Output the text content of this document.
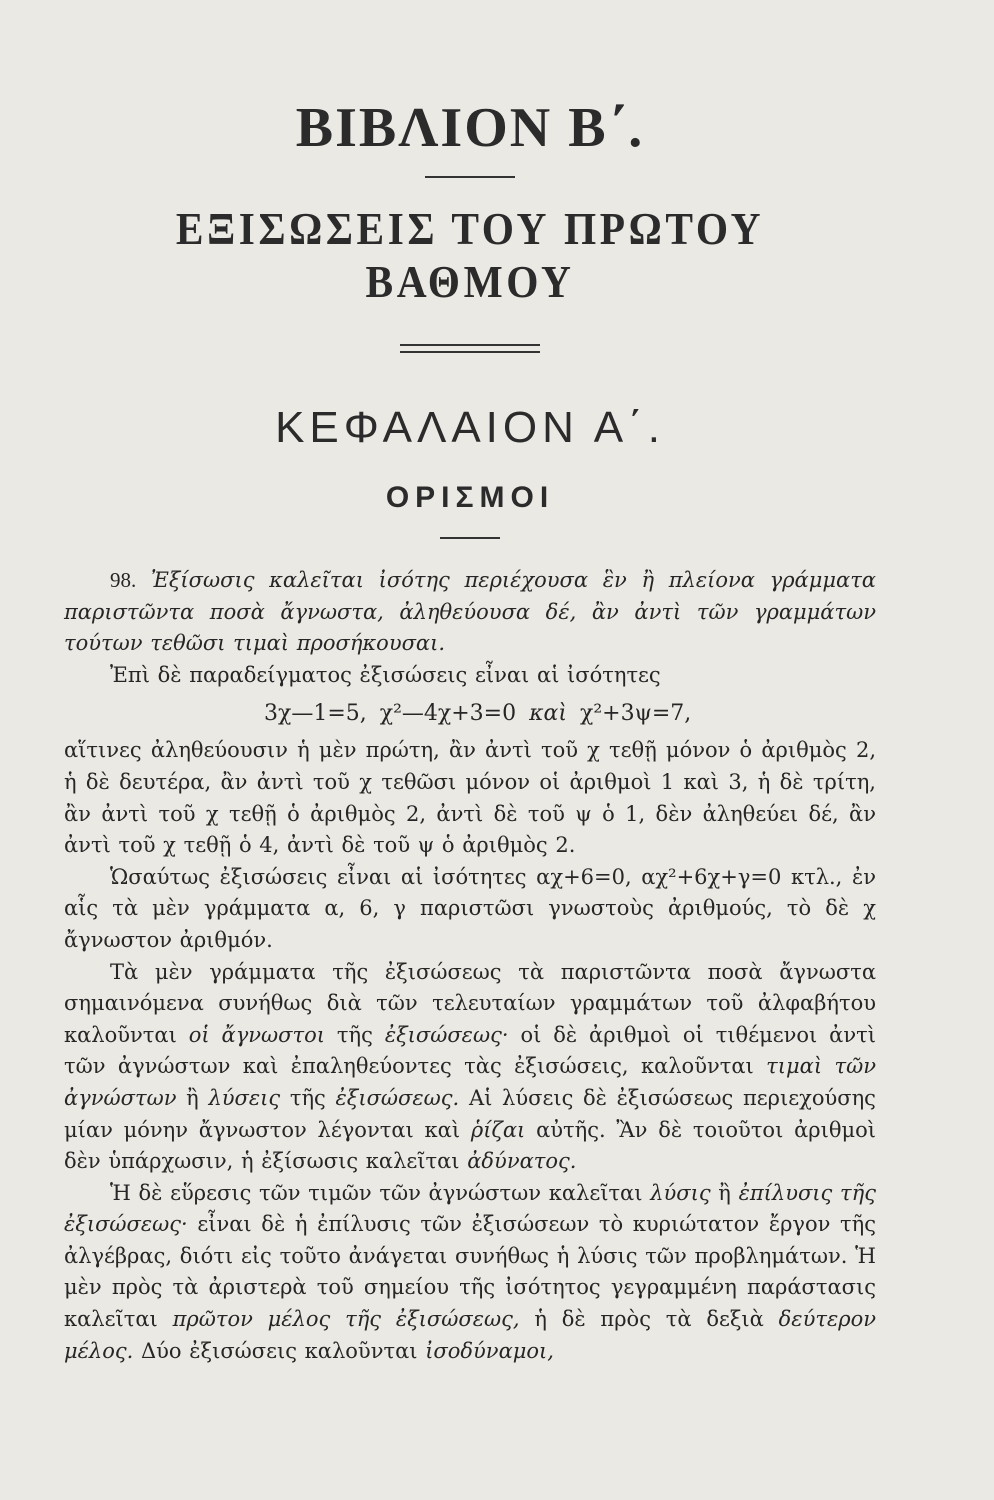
ΒΙΒΛΙΟΝ Β΄.
ΕΞΙΣΩΣΕΙΣ ΤΟΥ ΠΡΩΤΟΥ ΒΑΘΜΟΥ
ΚΕΦΑΛΑΙΟΝ Α΄.
ΟΡΙΣΜΟΙ

98. Ἐξίσωσις καλεῖται ἰσότης περιέχουσα ἓν ἢ πλείονα γράμματα παριστῶντα ποσὰ ἄγνωστα, ἀληθεύουσα δέ, ἂν ἀντὶ τῶν γραμμάτων τούτων τεθῶσι τιμαὶ προσήκουσαι.

Ἐπὶ δὲ παραδείγματος ἐξισώσεις εἶναι αἱ ἰσότητες

3χ—1=5, χ²—4χ+3=0 καὶ χ²+3ψ=7,

αἵτινες ἀληθεύουσιν ἡ μὲν πρώτη, ἂν ἀντὶ τοῦ χ τεθῇ μόνον ὁ ἀριθμὸς 2, ἡ δὲ δευτέρα, ἂν ἀντὶ τοῦ χ τεθῶσι μόνον οἱ ἀριθμοὶ 1 καὶ 3, ἡ δὲ τρίτη, ἂν ἀντὶ τοῦ χ τεθῇ ὁ ἀριθμὸς 2, ἀντὶ δὲ τοῦ ψ ὁ 1, δὲν ἀληθεύει δέ, ἂν ἀντὶ τοῦ χ τεθῇ ὁ 4, ἀντὶ δὲ τοῦ ψ ὁ ἀριθμὸς 2.

Ὡσαύτως ἐξισώσεις εἶναι αἱ ἰσότητες αχ+6=0, αχ²+6χ+γ=0 κτλ., ἐν αἷς τὰ μὲν γράμματα α, 6, γ παριστῶσι γνωστοὺς ἀριθμούς, τὸ δὲ χ ἄγνωστον ἀριθμόν.

Τὰ μὲν γράμματα τῆς ἐξισώσεως τὰ παριστῶντα ποσὰ ἄγνωστα σημαινόμενα συνήθως διὰ τῶν τελευταίων γραμμάτων τοῦ ἀλφαβήτου καλοῦνται οἱ ἄγνωστοι τῆς ἐξισώσεως· οἱ δὲ ἀριθμοὶ οἱ τιθέμενοι ἀντὶ τῶν ἀγνώστων καὶ ἐπαληθεύοντες τὰς ἐξισώσεις, καλοῦνται τιμαὶ τῶν ἀγνώστων ἢ λύσεις τῆς ἐξισώσεως. Αἱ λύσεις δὲ ἐξισώσεως περιεχούσης μίαν μόνην ἄγνωστον λέγονται καὶ ῥίζαι αὐτῆς. Ἂν δὲ τοιοῦτοι ἀριθμοὶ δὲν ὑπάρχωσιν, ἡ ἐξίσωσις καλεῖται ἀδύνατος.

Ἡ δὲ εὕρεσις τῶν τιμῶν τῶν ἀγνώστων καλεῖται λύσις ἢ ἐπίλυσις τῆς ἐξισώσεως· εἶναι δὲ ἡ ἐπίλυσις τῶν ἐξισώσεων τὸ κυριώτατον ἔργον τῆς ἀλγέβρας, διότι εἰς τοῦτο ἀνάγεται συνήθως ἡ λύσις τῶν προβλημάτων. Ἡ μὲν πρὸς τὰ ἀριστερὰ τοῦ σημείου τῆς ἰσότητος γεγραμμένη παράστασις καλεῖται πρῶτον μέλος τῆς ἐξισώσεως, ἡ δὲ πρὸς τὰ δεξιὰ δεύτερον μέλος. Δύο ἐξισώσεις καλοῦνται ἰσοδύναμοι,
